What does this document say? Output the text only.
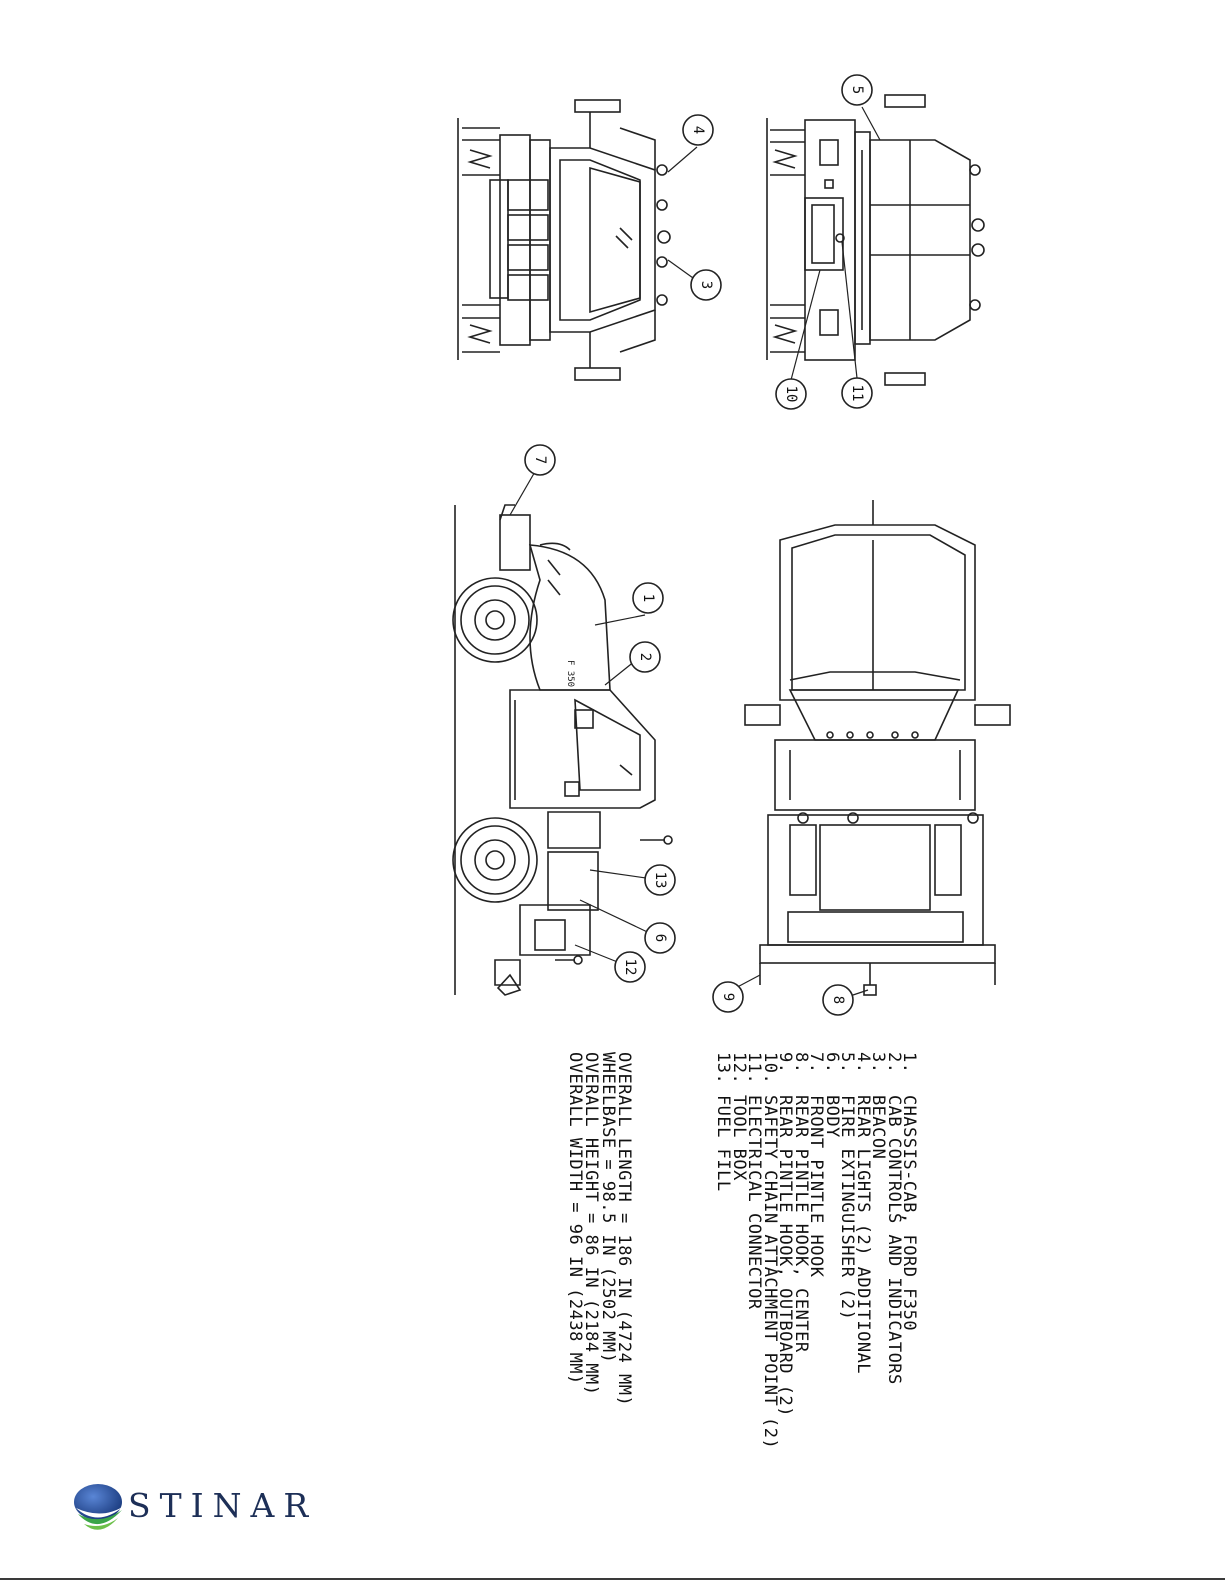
F 350
1
2
3
4
5
6
7
8
9
10	11
12
13
1.  CHASSIS-CAB, FORD F350
2.  CAB CONTROLS AND INDICATORS
3.  BEACON
4.  REAR LIGHTS (2) ADDITIONAL
5.  FIRE EXTINGUISHER (2)
6.  BODY
7.  FRONT PINTLE HOOK
8.  REAR PINTLE HOOK, CENTER
9.  REAR PINTLE HOOK, OUTBOARD (2)
10. SAFETY CHAIN ATTACHMENT POINT (2)
11. ELECTRICAL CONNECTOR
12. TOOL BOX
13. FUEL FILL
OVERALL LENGTH = 186 IN (4724 MM)
WHEELBASE = 98.5 IN (2502 MM)
OVERALL HEIGHT = 86 IN (2184 MM)
OVERALL WIDTH = 96 IN (2438 MM)
STINAR
